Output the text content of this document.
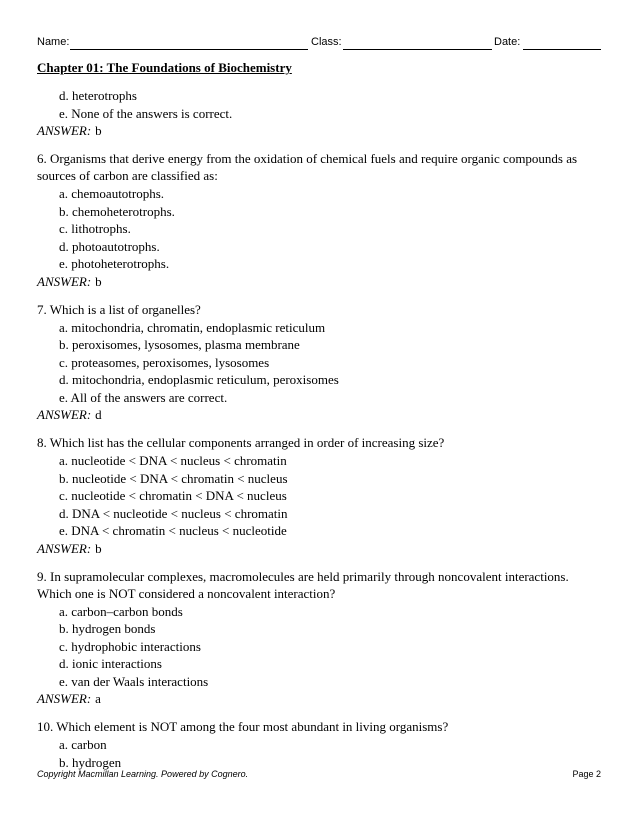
Name:	Class:	Date:
Chapter 01: The Foundations of Biochemistry
d. heterotrophs
e. None of the answers is correct.
ANSWER: b
6. Organisms that derive energy from the oxidation of chemical fuels and require organic compounds as sources of carbon are classified as:
a. chemoautotrophs.
b. chemoheterotrophs.
c. lithotrophs.
d. photoautotrophs.
e. photoheterotrophs.
ANSWER: b
7. Which is a list of organelles?
a. mitochondria, chromatin, endoplasmic reticulum
b. peroxisomes, lysosomes, plasma membrane
c. proteasomes, peroxisomes, lysosomes
d. mitochondria, endoplasmic reticulum, peroxisomes
e. All of the answers are correct.
ANSWER: d
8. Which list has the cellular components arranged in order of increasing size?
a. nucleotide < DNA < nucleus < chromatin
b. nucleotide < DNA < chromatin < nucleus
c. nucleotide < chromatin < DNA < nucleus
d. DNA < nucleotide < nucleus < chromatin
e. DNA < chromatin < nucleus < nucleotide
ANSWER: b
9. In supramolecular complexes, macromolecules are held primarily through noncovalent interactions. Which one is NOT considered a noncovalent interaction?
a. carbon–carbon bonds
b. hydrogen bonds
c. hydrophobic interactions
d. ionic interactions
e. van der Waals interactions
ANSWER: a
10. Which element is NOT among the four most abundant in living organisms?
a. carbon
b. hydrogen
Copyright Macmillan Learning. Powered by Cognero.	Page 2
